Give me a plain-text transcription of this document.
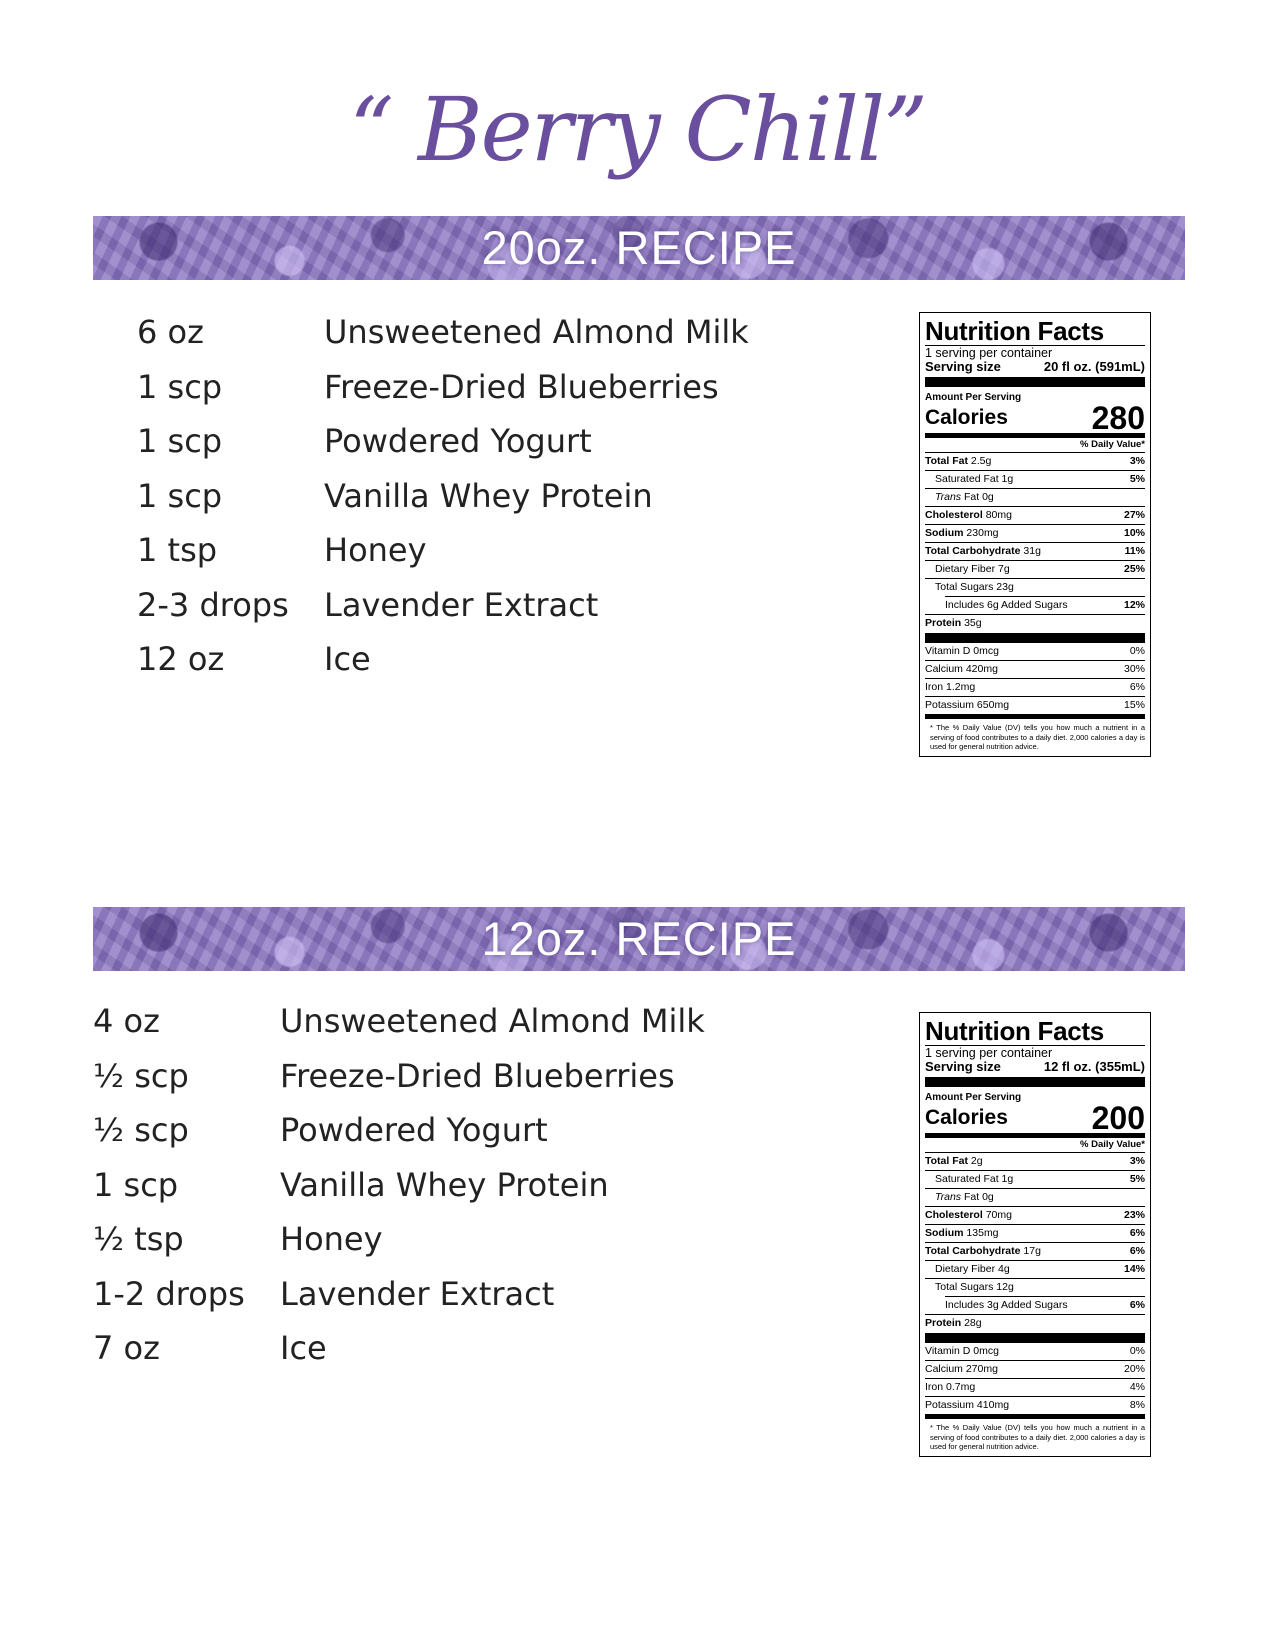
“ Berry Chill”
20oz. RECIPE
6 oz	Unsweetened Almond Milk
1 scp	Freeze-Dried Blueberries
1 scp	Powdered Yogurt
1 scp	Vanilla Whey Protein
1 tsp	Honey
2-3 drops Lavender Extract
12 oz	Ice
Nutrition Facts
1 serving per container
Serving size	20 fl oz. (591mL)
Amount Per Serving
Calories	280
% Daily Value*
Total Fat 2.5g	3%
Saturated Fat 1g	5%
Trans Fat 0g
Cholesterol 80mg	27%
Sodium 230mg	10%
Total Carbohydrate 31g	11%
Dietary Fiber 7g	25%
Total Sugars 23g
Includes 6g Added Sugars	12%
Protein 35g
Vitamin D 0mcg	0%
Calcium 420mg	30%
Iron 1.2mg	6%
Potassium 650mg	15%
* The % Daily Value (DV) tells you how much a nutrient in a serving of food contributes to a daily diet. 2,000 calories a day is used for general nutrition advice.
12oz. RECIPE
4 oz	Unsweetened Almond Milk
½ scp	Freeze-Dried Blueberries
½ scp	Powdered Yogurt
1 scp	Vanilla Whey Protein
½ tsp	Honey
1-2 drops Lavender Extract
7 oz	Ice
Nutrition Facts
1 serving per container
Serving size	12 fl oz. (355mL)
Amount Per Serving
Calories	200
% Daily Value*
Total Fat 2g	3%
Saturated Fat 1g	5%
Trans Fat 0g
Cholesterol 70mg	23%
Sodium 135mg	6%
Total Carbohydrate 17g	6%
Dietary Fiber 4g	14%
Total Sugars 12g
Includes 3g Added Sugars	6%
Protein 28g
Vitamin D 0mcg	0%
Calcium 270mg	20%
Iron 0.7mg	4%
Potassium 410mg	8%
* The % Daily Value (DV) tells you how much a nutrient in a serving of food contributes to a daily diet. 2,000 calories a day is used for general nutrition advice.
